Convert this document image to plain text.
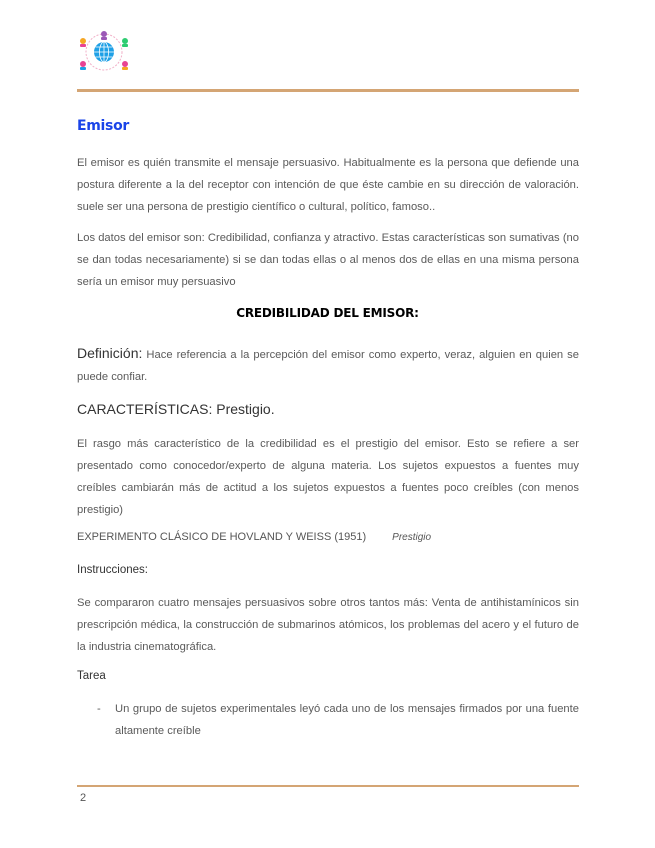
Emisor

El emisor es quién transmite el mensaje persuasivo. Habitualmente es la persona que defiende una postura diferente a la del receptor con intención de que éste cambie en su dirección de valoración. suele ser una persona de prestigio científico o cultural, político, famoso..

Los datos del emisor son: Credibilidad, confianza y atractivo. Estas características son sumativas (no se dan todas necesariamente) si se dan todas ellas o al menos dos de ellas en una misma persona sería un emisor muy persuasivo

CREDIBILIDAD DEL EMISOR:

Definición: Hace referencia a la percepción del emisor como experto, veraz, alguien en quien se puede confiar.

CARACTERÍSTICAS: Prestigio.

El rasgo más característico de la credibilidad es el prestigio del emisor. Esto se refiere a ser presentado como conocedor/experto de alguna materia. Los sujetos expuestos a fuentes muy creíbles cambiarán más de actitud a los sujetos expuestos a fuentes poco creíbles (con menos prestigio)

EXPERIMENTO CLÁSICO DE HOVLAND Y WEISS (1951)	Prestigio
Instrucciones:

Se compararon cuatro mensajes persuasivos sobre otros tantos más: Venta de antihistamínicos sin prescripción médica, la construcción de submarinos atómicos, los problemas del acero y el futuro de la industria cinematográfica.

Tarea
- Un grupo de sujetos experimentales leyó cada uno de los mensajes firmados por una fuente altamente creíble
2
